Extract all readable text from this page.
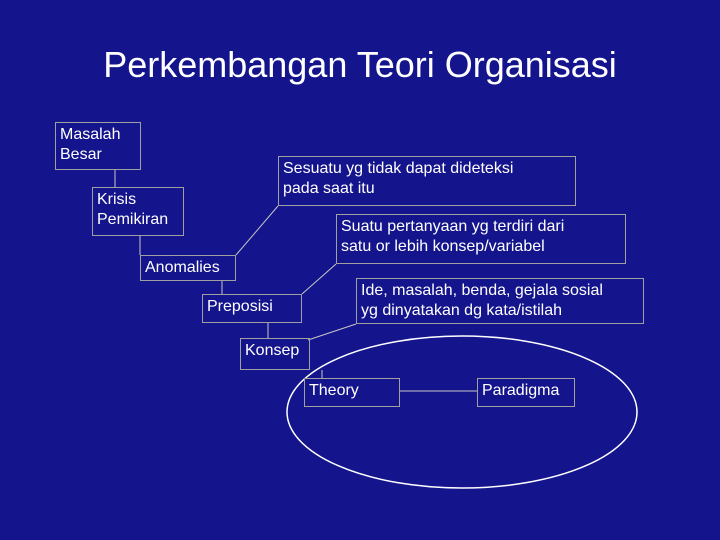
Perkembangan Teori Organisasi
Masalah
Besar
Krisis
Pemikiran
Anomalies
Preposisi
Konsep
Theory	Paradigma
Sesuatu yg tidak dapat dideteksi
pada saat itu
Suatu pertanyaan yg terdiri dari
satu or lebih konsep/variabel
Ide, masalah, benda, gejala sosial
yg dinyatakan dg kata/istilah
